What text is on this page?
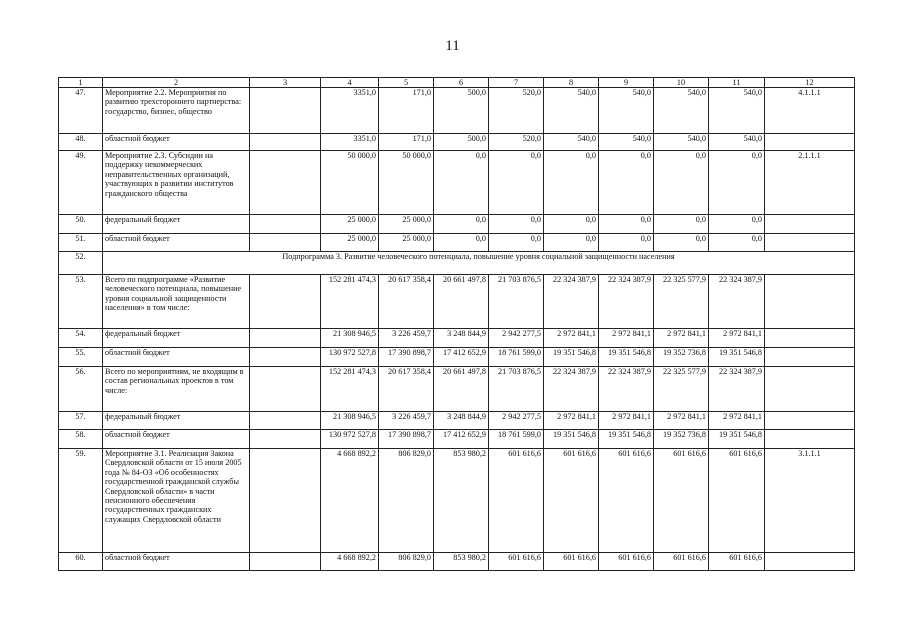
11
1	2	3	4	5	6	7	8	9	10	11	12
47.	Мероприятие 2.2. Мероприятия по развитию трехстороннего партнерства: государство, бизнес, общество		3351,0	171,0	500,0	520,0	540,0	540,0	540,0	540,0	4.1.1.1
48.	областной бюджет		3351,0	171,0	500,0	520,0	540,0	540,0	540,0	540,0	
49.	Мероприятие 2.3. Субсидии на поддержку некоммерческих неправительственных организаций, участвующих в развитии институтов гражданского общества		50 000,0	50 000,0	0,0	0,0	0,0	0,0	0,0	0,0	2.1.1.1
50.	федеральный бюджет		25 000,0	25 000,0	0,0	0,0	0,0	0,0	0,0	0,0	
51.	областной бюджет		25 000,0	25 000,0	0,0	0,0	0,0	0,0	0,0	0,0	
52.	Подпрограмма 3. Развитие человеческого потенциала, повышение уровня социальной защищенности населения										
53.	Всего по подпрограмме «Развитие человеческого потенциала, повышение уровня социальной защищенности населения» в том числе:		152 281 474,3	20 617 358,4	20 661 497,8	21 703 876,5	22 324 387,9	22 324 387,9	22 325 577,9	22 324 387,9	
54.	федеральный бюджет		21 308 946,5	3 226 459,7	3 248 844,9	2 942 277,5	2 972 841,1	2 972 841,1	2 972 841,1	2 972 841,1	
55.	областной бюджет		130 972 527,8	17 390 898,7	17 412 652,9	18 761 599,0	19 351 546,8	19 351 546,8	19 352 736,8	19 351 546,8	
56.	Всего по мероприятиям, не входящим в состав региональных проектов в том числе:		152 281 474,3	20 617 358,4	20 661 497,8	21 703 876,5	22 324 387,9	22 324 387,9	22 325 577,9	22 324 387,9	
57.	федеральный бюджет		21 308 946,5	3 226 459,7	3 248 844,9	2 942 277,5	2 972 841,1	2 972 841,1	2 972 841,1	2 972 841,1	
58.	областной бюджет		130 972 527,8	17 390 898,7	17 412 652,9	18 761 599,0	19 351 546,8	19 351 546,8	19 352 736,8	19 351 546,8	
59.	Мероприятие 3.1. Реализация Закона Свердловской области от 15 июля 2005 года № 84-ОЗ «Об особенностях государственной гражданской службы Свердловской области» в части пенсионного обеспечения государственных гражданских служащих Свердловской области		4 668 892,2	806 829,0	853 980,2	601 616,6	601 616,6	601 616,6	601 616,6	601 616,6	3.1.1.1
60.	областной бюджет		4 668 892,2	806 829,0	853 980,2	601 616,6	601 616,6	601 616,6	601 616,6	601 616,6	
